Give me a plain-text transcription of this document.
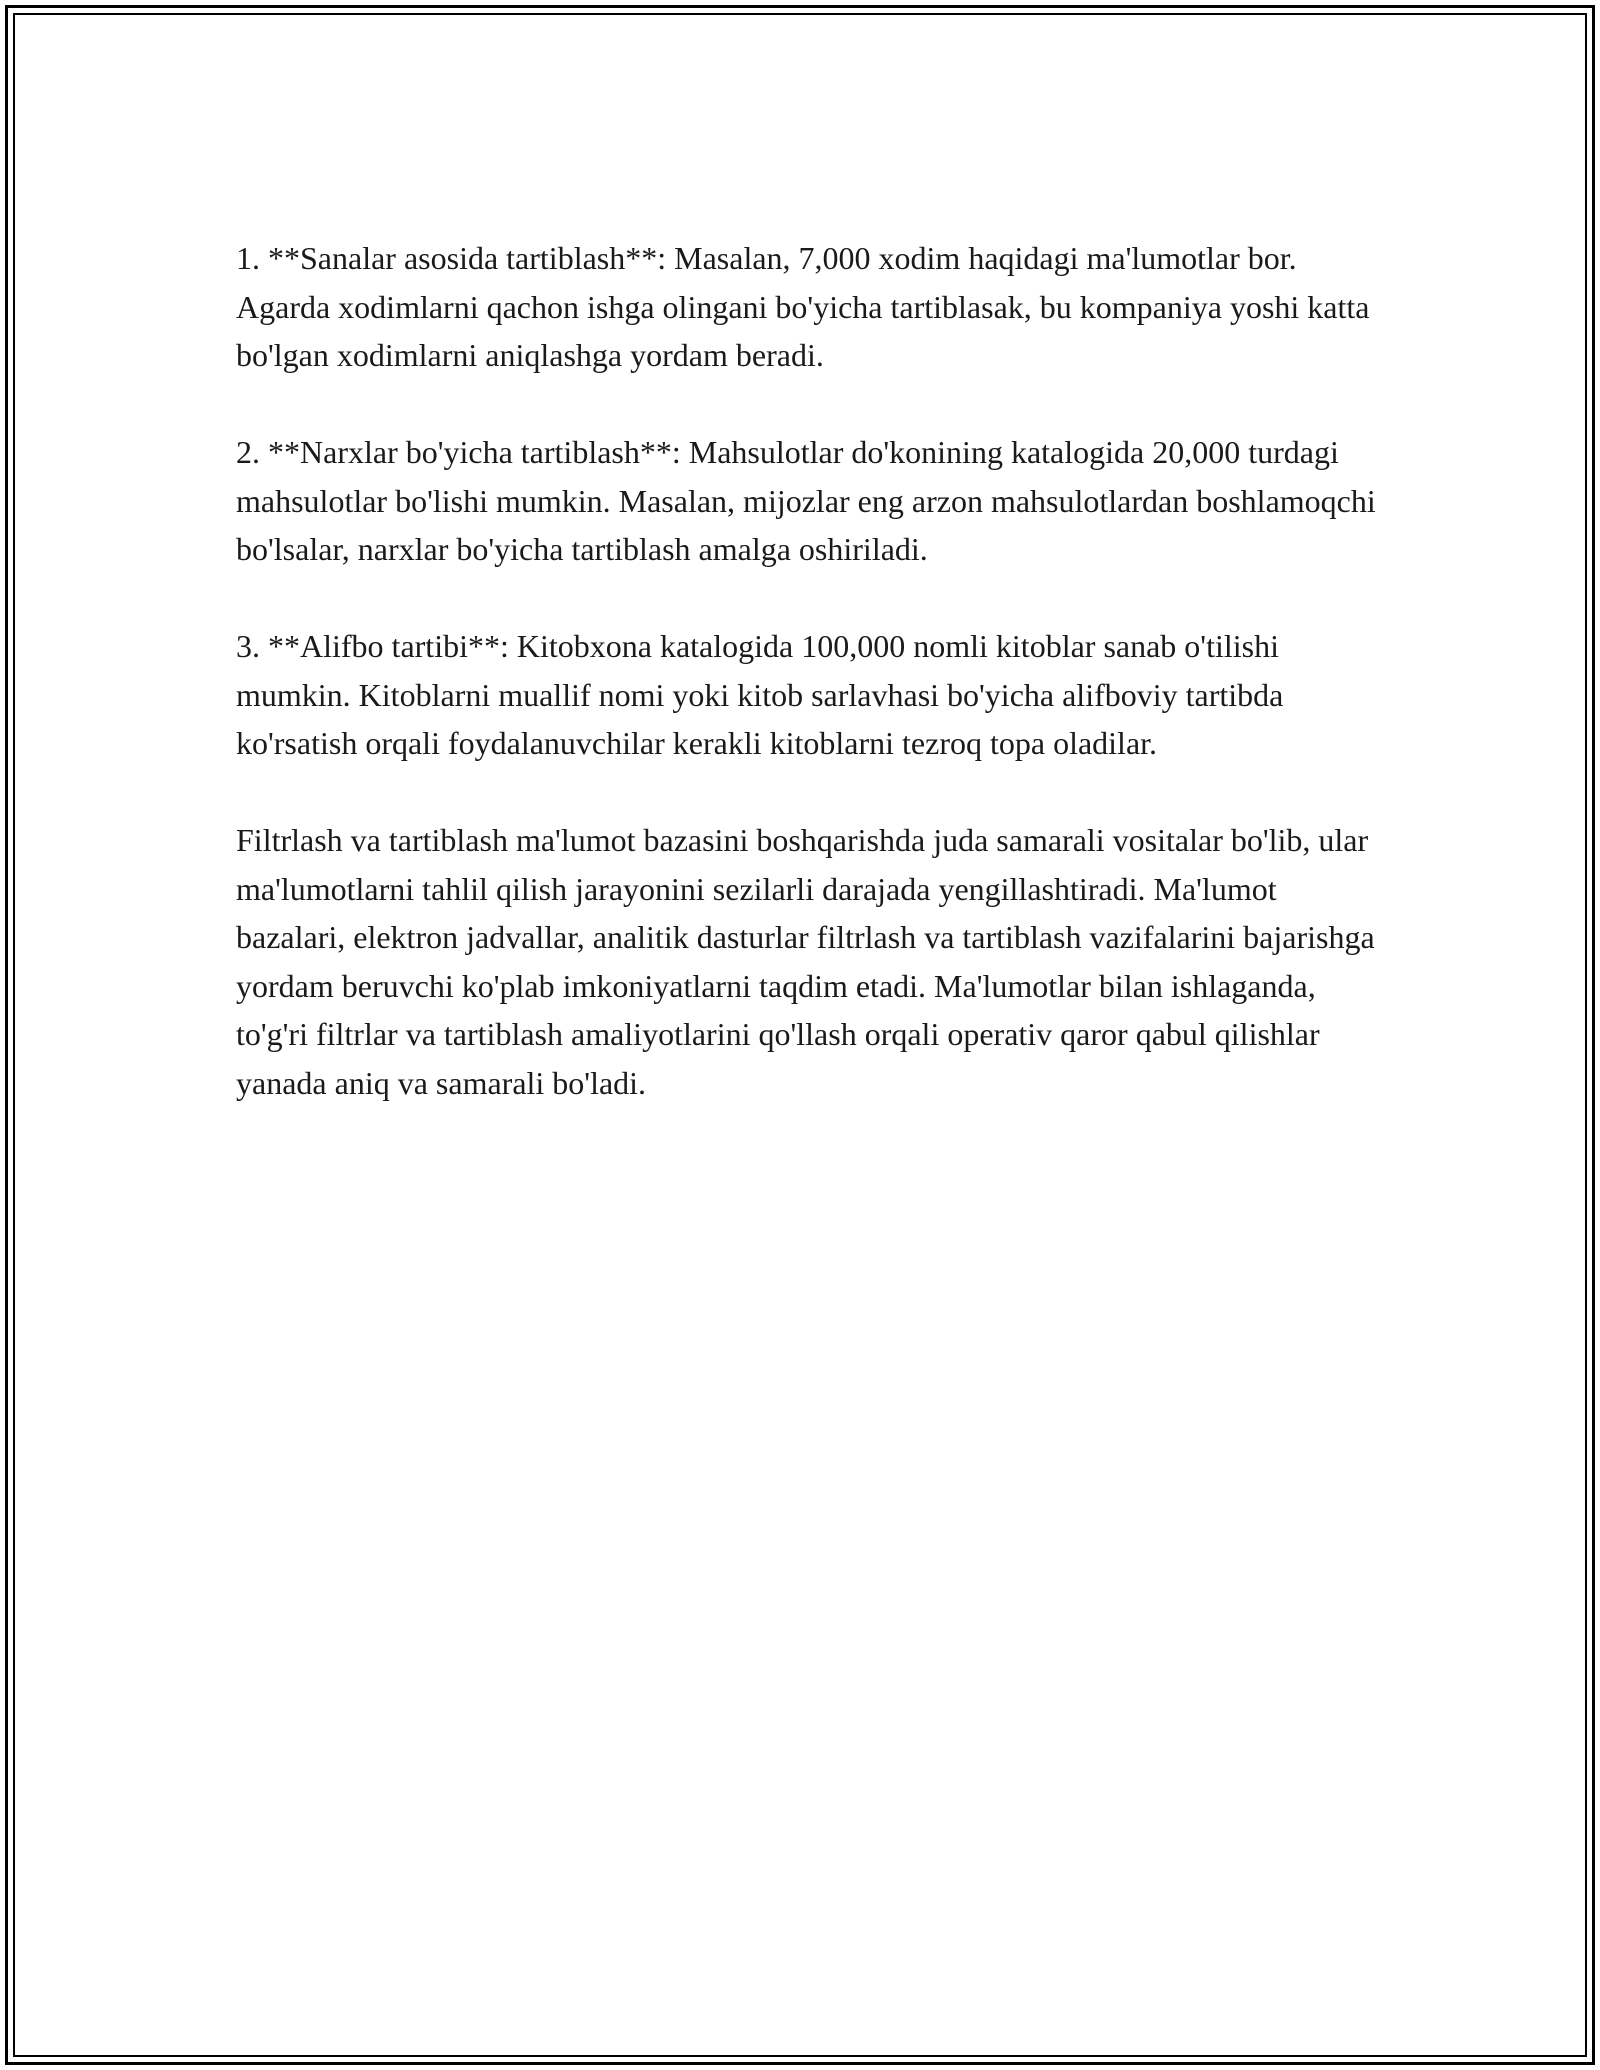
1. **Sanalar asosida tartiblash**: Masalan, 7,000 xodim haqidagi ma'lumotlar bor. Agarda xodimlarni qachon ishga olingani bo'yicha tartiblasak, bu kompaniya yoshi katta bo'lgan xodimlarni aniqlashga yordam beradi.

2. **Narxlar bo'yicha tartiblash**: Mahsulotlar do'konining katalogida 20,000 turdagi mahsulotlar bo'lishi mumkin. Masalan, mijozlar eng arzon mahsulotlardan boshlamoqchi bo'lsalar, narxlar bo'yicha tartiblash amalga oshiriladi.

3. **Alifbo tartibi**: Kitobxona katalogida 100,000 nomli kitoblar sanab o'tilishi mumkin. Kitoblarni muallif nomi yoki kitob sarlavhasi bo'yicha alifboviy tartibda ko'rsatish orqali foydalanuvchilar kerakli kitoblarni tezroq topa oladilar.

Filtrlash va tartiblash ma'lumot bazasini boshqarishda juda samarali vositalar bo'lib, ular ma'lumotlarni tahlil qilish jarayonini sezilarli darajada yengillashtiradi. Ma'lumot bazalari, elektron jadvallar, analitik dasturlar filtrlash va tartiblash vazifalarini bajarishga yordam beruvchi ko'plab imkoniyatlarni taqdim etadi. Ma'lumotlar bilan ishlaganda, to'g'ri filtrlar va tartiblash amaliyotlarini qo'llash orqali operativ qaror qabul qilishlar yanada aniq va samarali bo'ladi.
